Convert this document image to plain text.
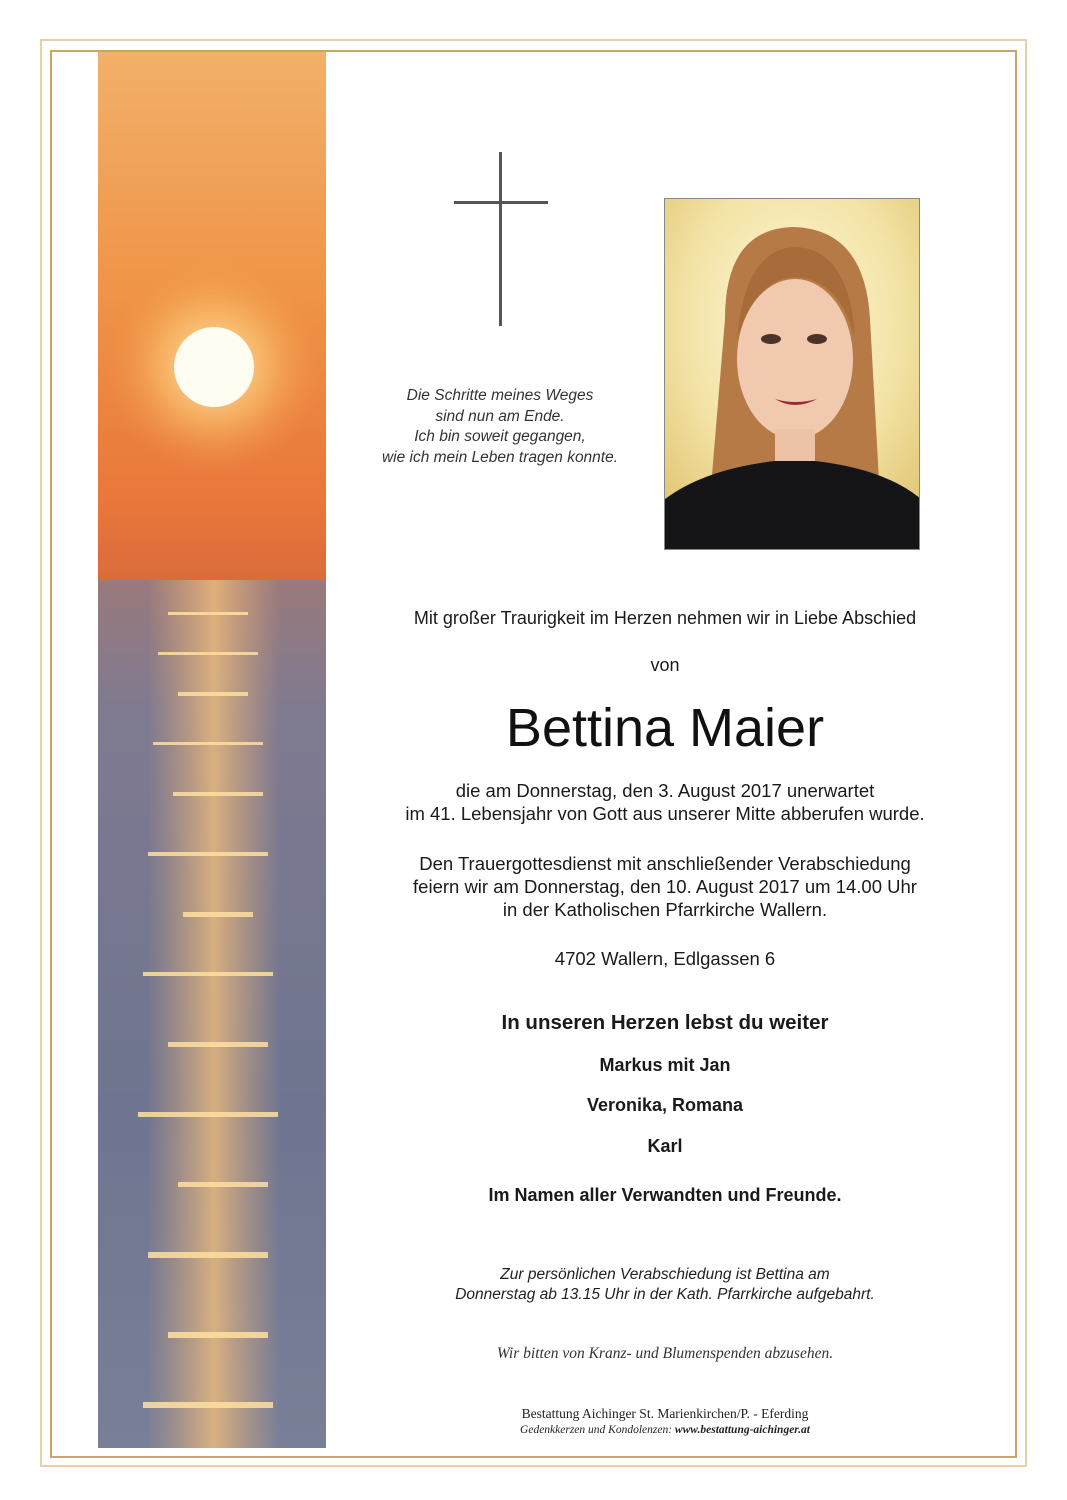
Die Schritte meines Weges
sind nun am Ende.
Ich bin soweit gegangen,
wie ich mein Leben tragen konnte.
Mit großer Traurigkeit im Herzen nehmen wir in Liebe Abschied
von
Bettina Maier
die am Donnerstag, den 3. August 2017 unerwartet
im 41. Lebensjahr von Gott aus unserer Mitte abberufen wurde.
Den Trauergottesdienst mit anschließender Verabschiedung
feiern wir am Donnerstag, den 10. August 2017 um 14.00 Uhr
in der Katholischen Pfarrkirche Wallern.
4702 Wallern, Edlgassen 6
In unseren Herzen lebst du weiter
Markus mit Jan
Veronika, Romana
Karl
Im Namen aller Verwandten und Freunde.
Zur persönlichen Verabschiedung ist Bettina am
Donnerstag ab 13.15 Uhr in der Kath. Pfarrkirche aufgebahrt.
Wir bitten von Kranz- und Blumenspenden abzusehen.
Bestattung Aichinger St. Marienkirchen/P. - Eferding
Gedenkkerzen und Kondolenzen: www.bestattung-aichinger.at
